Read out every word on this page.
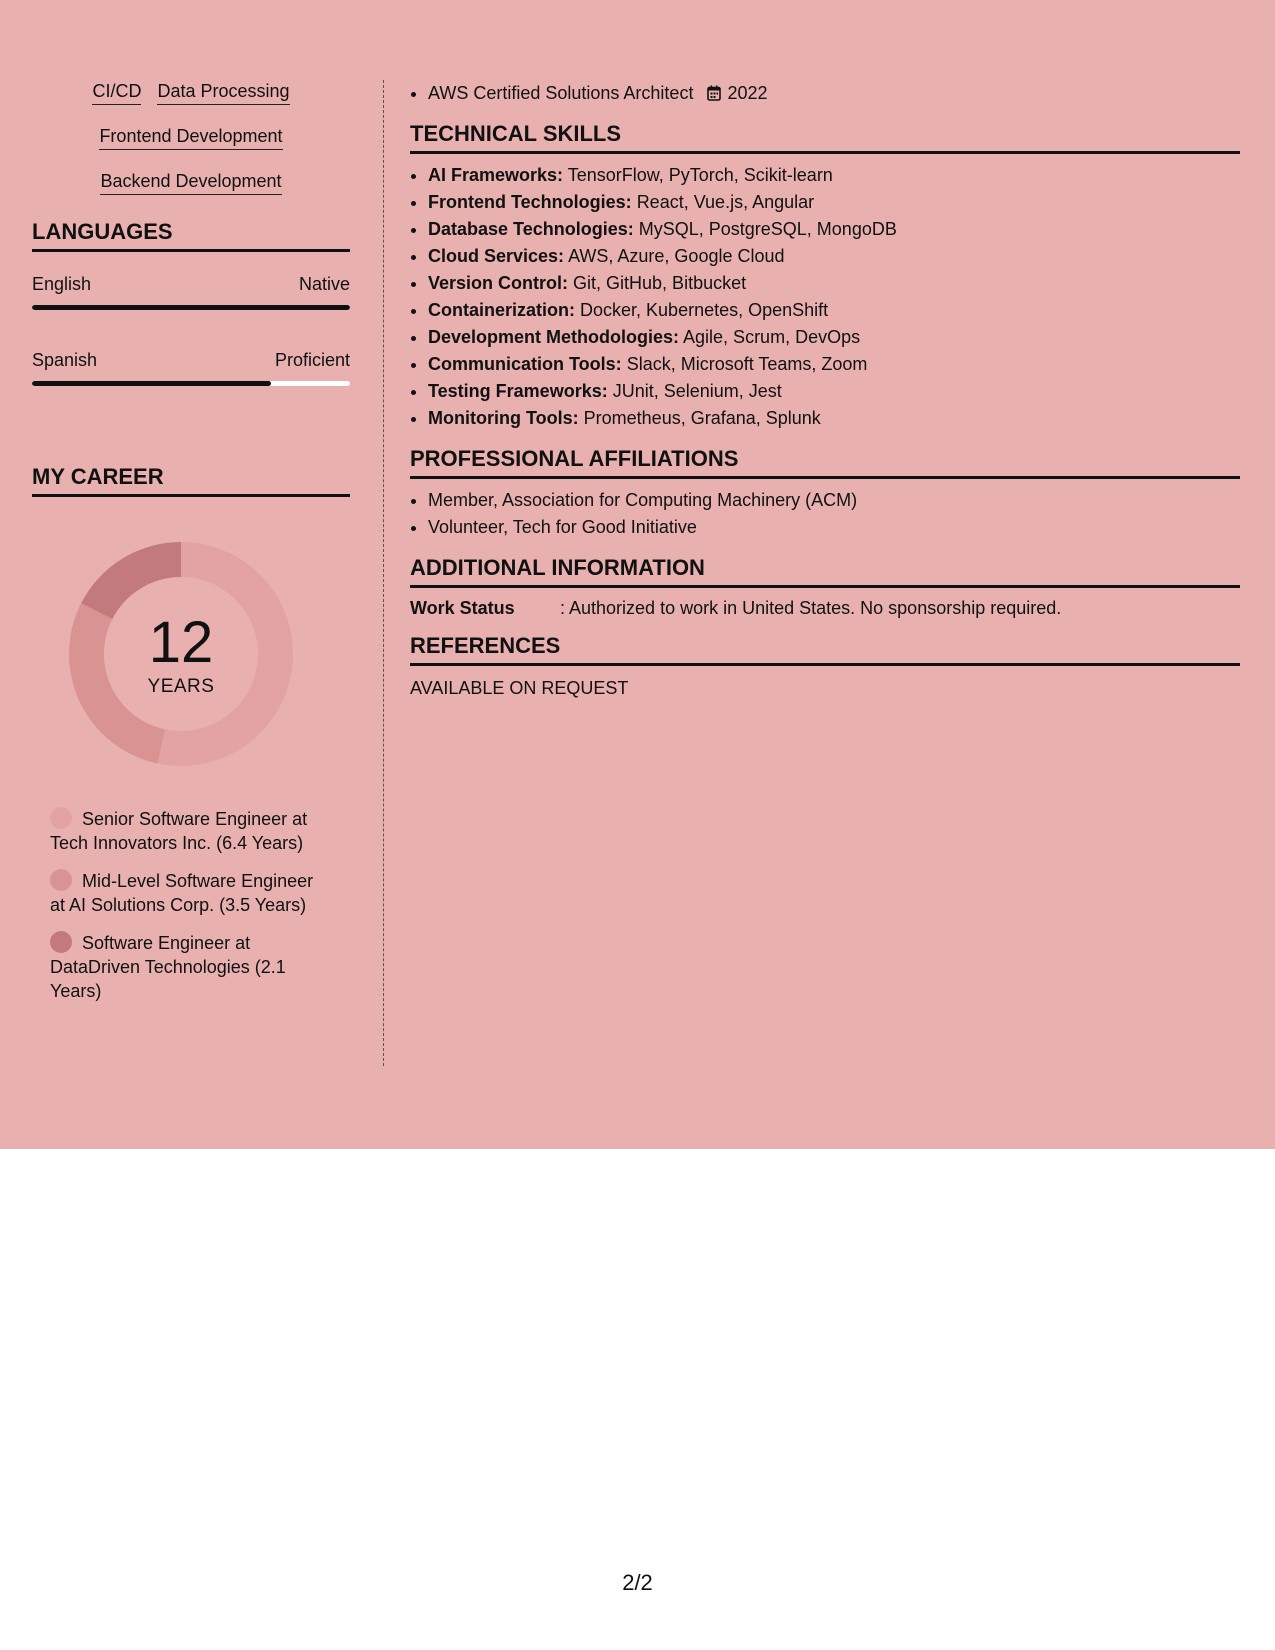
CI/CD Data Processing
Frontend Development
Backend Development
LANGUAGES
English	Native
Spanish	Proficient
MY CAREER
12
YEARS
Senior Software Engineer at Tech Innovators Inc. (6.4 Years)
Mid-Level Software Engineer at AI Solutions Corp. (3.5 Years)
Software Engineer at DataDriven Technologies (2.1 Years)
• AWS Certified Solutions Architect 2022
TECHNICAL SKILLS
• AI Frameworks: TensorFlow, PyTorch, Scikit-learn
• Frontend Technologies: React, Vue.js, Angular
• Database Technologies: MySQL, PostgreSQL, MongoDB
• Cloud Services: AWS, Azure, Google Cloud
• Version Control: Git, GitHub, Bitbucket
• Containerization: Docker, Kubernetes, OpenShift
• Development Methodologies: Agile, Scrum, DevOps
• Communication Tools: Slack, Microsoft Teams, Zoom
• Testing Frameworks: JUnit, Selenium, Jest
• Monitoring Tools: Prometheus, Grafana, Splunk
PROFESSIONAL AFFILIATIONS
• Member, Association for Computing Machinery (ACM)
• Volunteer, Tech for Good Initiative
ADDITIONAL INFORMATION
Work Status	: Authorized to work in United States. No sponsorship required.
REFERENCES
AVAILABLE ON REQUEST
2/2
